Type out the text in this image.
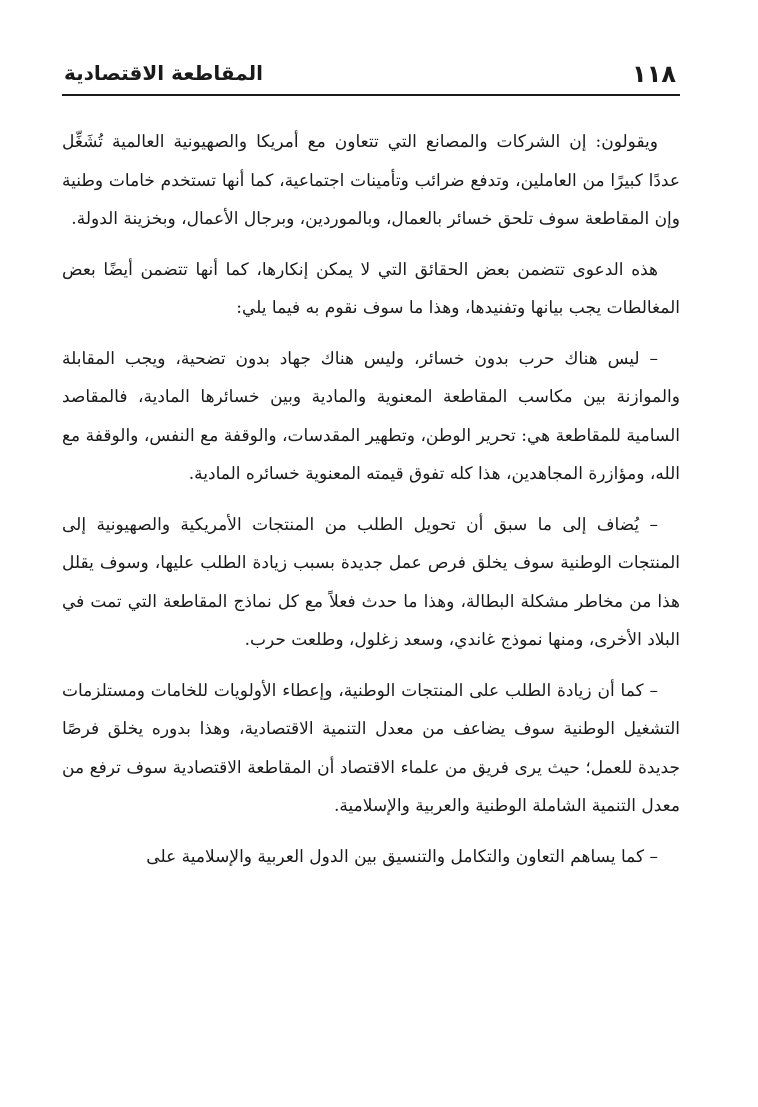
١١٨
المقاطعة الاقتصادية

ويقولون: إن الشركات والمصانع التي تتعاون مع أمريكا والصهيونية العالمية تُشَغِّل عددًا كبيرًا من العاملين، وتدفع ضرائب وتأمينات اجتماعية، كما أنها تستخدم خامات وطنية وإن المقاطعة سوف تلحق خسائر بالعمال، وبالموردين، وبرجال الأعمال، وبخزينة الدولة.

هذه الدعوى تتضمن بعض الحقائق التي لا يمكن إنكارها، كما أنها تتضمن أيضًا بعض المغالطات يجب بيانها وتفنيدها، وهذا ما سوف نقوم به فيما يلي:

– ليس هناك حرب بدون خسائر، وليس هناك جهاد بدون تضحية، ويجب المقابلة والموازنة بين مكاسب المقاطعة المعنوية والمادية وبين خسائرها المادية، فالمقاصد السامية للمقاطعة هي: تحرير الوطن، وتطهير المقدسات، والوقفة مع النفس، والوقفة مع الله، ومؤازرة المجاهدين، هذا كله تفوق قيمته المعنوية خسائره المادية.

– يُضاف إلى ما سبق أن تحويل الطلب من المنتجات الأمريكية والصهيونية إلى المنتجات الوطنية سوف يخلق فرص عمل جديدة بسبب زيادة الطلب عليها، وسوف يقلل هذا من مخاطر مشكلة البطالة، وهذا ما حدث فعلاً مع كل نماذج المقاطعة التي تمت في البلاد الأخرى، ومنها نموذج غاندي، وسعد زغلول، وطلعت حرب.

– كما أن زيادة الطلب على المنتجات الوطنية، وإعطاء الأولويات للخامات ومستلزمات التشغيل الوطنية سوف يضاعف من معدل التنمية الاقتصادية، وهذا بدوره يخلق فرصًا جديدة للعمل؛ حيث يرى فريق من علماء الاقتصاد أن المقاطعة الاقتصادية سوف ترفع من معدل التنمية الشاملة الوطنية والعربية والإسلامية.

– كما يساهم التعاون والتكامل والتنسيق بين الدول العربية والإسلامية على
